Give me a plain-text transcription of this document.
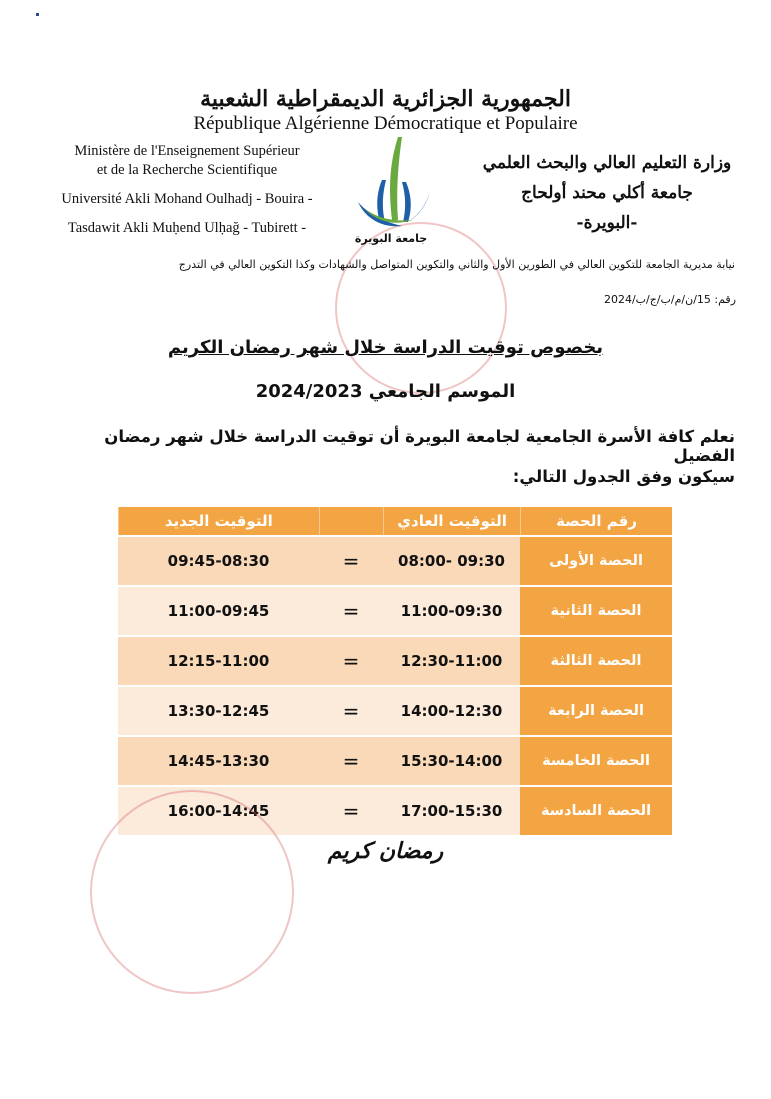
الجمهورية الجزائرية الديمقراطية الشعبية
République Algérienne Démocratique et Populaire
Ministère de l'Enseignement Supérieur
et de la Recherche Scientifique
Université Akli Mohand Oulhadj - Bouira -
Tasdawit Akli Muḥend Ulḥağ - Tubirett -
وزارة التعليم العالي والبحث العلمي
جامعة أكلي محند أولحاج
-البويرة-
جامعة البويرة
نيابة مديرية الجامعة للتكوين العالي في الطورين الأول والثاني والتكوين المتواصل والشهادات وكذا التكوين العالي في التدرج
رقم: 15/ن/م/ب/ج/ب/2024
بخصوص توقيت الدراسة خلال شهر رمضان الكريم
الموسم الجامعي 2024/2023
نعلم كافة الأسرة الجامعية لجامعة البويرة أن توقيت الدراسة خلال شهر رمضان الفضيل
سيكون وفق الجدول التالي:
رقم الحصة
التوقيت العادي
التوقيت الجديد
الحصة الأولى
08:00- 09:30
=
09:45-08:30
الحصة الثانية
11:00-09:30
=
11:00-09:45
الحصة الثالثة
12:30-11:00
=
12:15-11:00
الحصة الرابعة
14:00-12:30
=
13:30-12:45
الحصة الخامسة
15:30-14:00
=
14:45-13:30
الحصة السادسة
17:00-15:30
=
16:00-14:45
رمضان كريم
